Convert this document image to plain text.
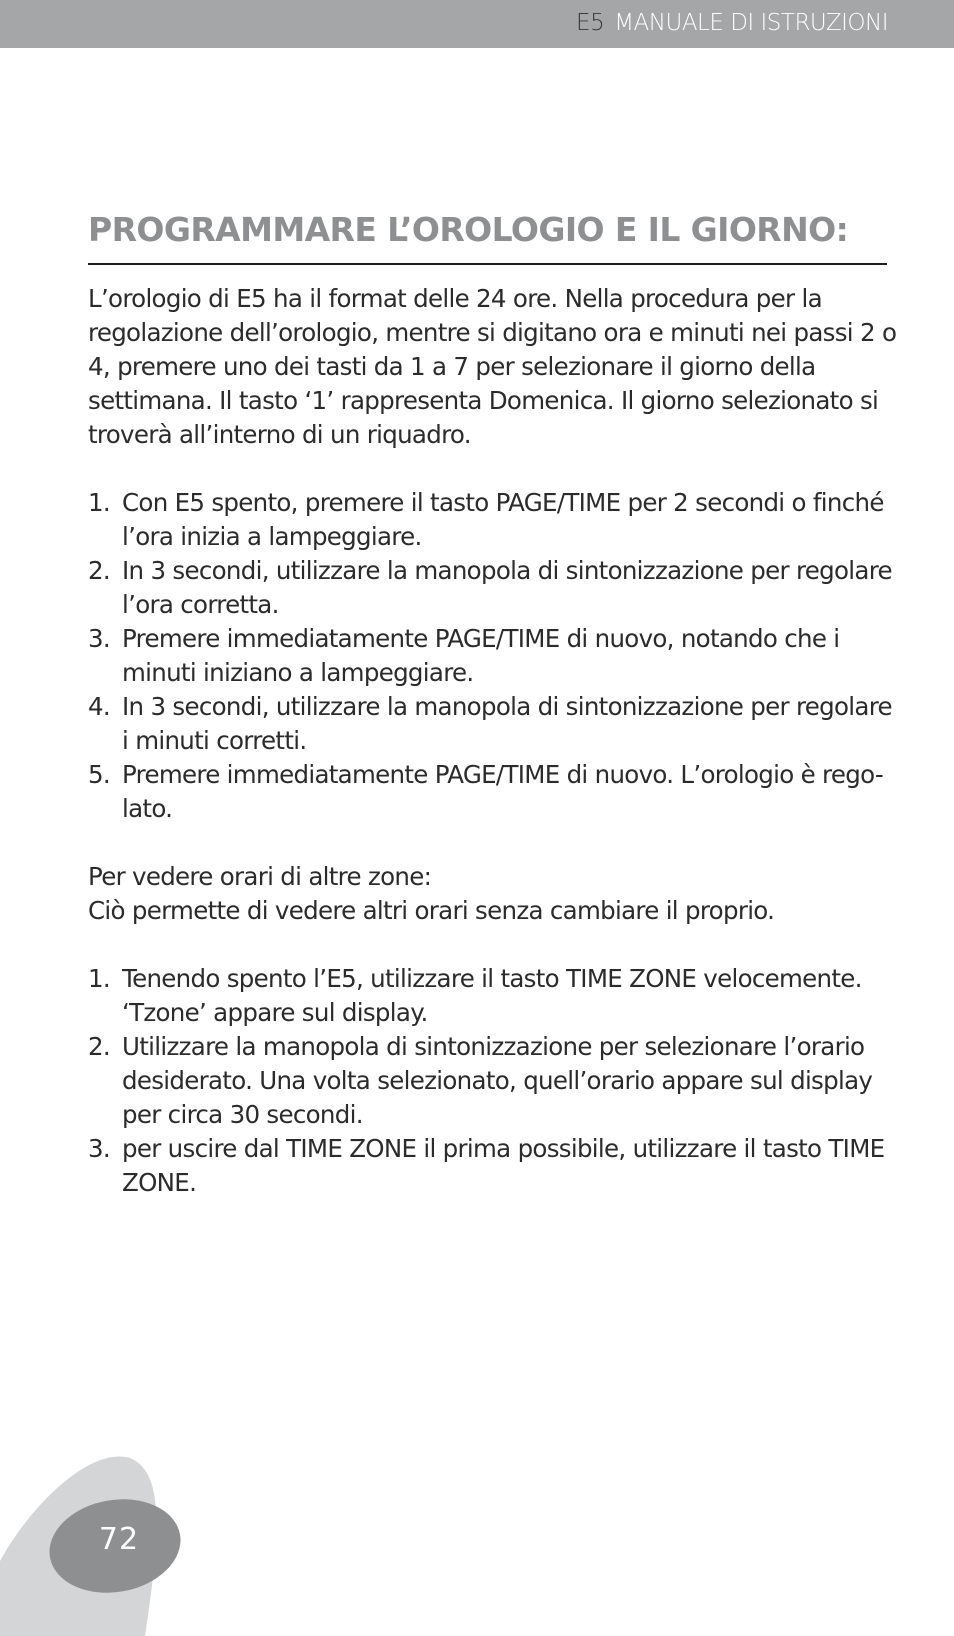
E5 MANUALE DI ISTRUZIONI
PROGRAMMARE L’OROLOGIO E IL GIORNO:

L’orologio di E5 ha il format delle 24 ore. Nella procedura per la regolazione dell’orologio, mentre si digitano ora e minuti nei passi 2 o 4, premere uno dei tasti da 1 a 7 per selezionare il giorno della settimana. Il tasto ‘1’ rappresenta Domenica. Il giorno selezionato si troverà all’interno di un riquadro.

1. Con E5 spento, premere il tasto PAGE/TIME per 2 secondi o finché l’ora inizia a lampeggiare.
2. In 3 secondi, utilizzare la manopola di sintonizzazione per regolare l’ora corretta.
3. Premere immediatamente PAGE/TIME di nuovo, notando che i minuti iniziano a lampeggiare.
4. In 3 secondi, utilizzare la manopola di sintonizzazione per regolare i minuti corretti.
5. Premere immediatamente PAGE/TIME di nuovo. L’orologio è rego-lato.

Per vedere orari di altre zone:

Ciò permette di vedere altri orari senza cambiare il proprio.

1. Tenendo spento l’E5, utilizzare il tasto TIME ZONE velocemente. ‘Tzone’ appare sul display.
2. Utilizzare la manopola di sintonizzazione per selezionare l’orario desiderato. Una volta selezionato, quell’orario appare sul display per circa 30 secondi.
3. per uscire dal TIME ZONE il prima possibile, utilizzare il tasto TIME ZONE.
72
